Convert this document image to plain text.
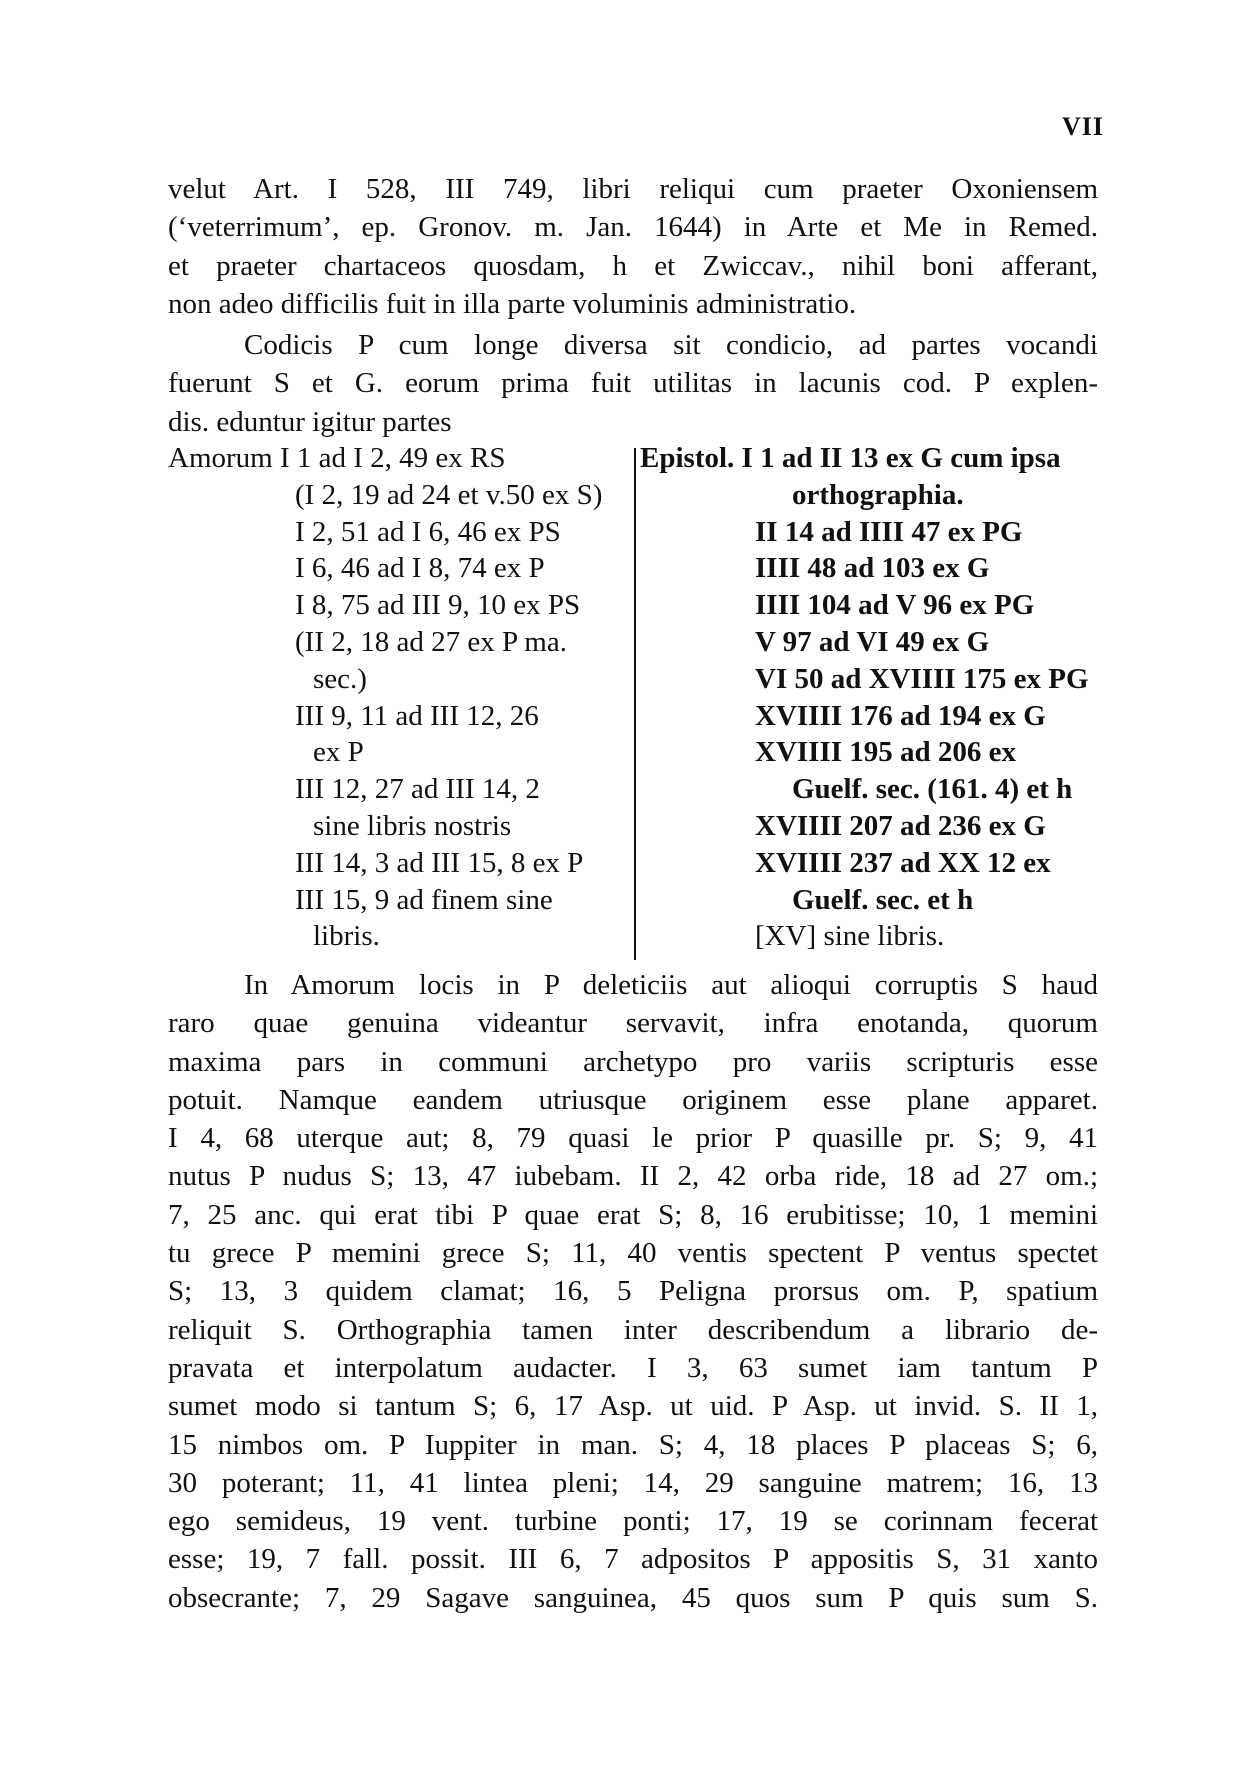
VII
velut Art. I 528, III 749, libri reliqui cum praeter Oxoniensem
(‘veterrimum’, ep. Gronov. m. Jan. 1644) in Arte et Me in Remed.
et praeter chartaceos quosdam, h et Zwiccav., nihil boni afferant,
non adeo difficilis fuit in illa parte voluminis administratio.
Codicis P cum longe diversa sit condicio, ad partes vocandi
fuerunt S et G. eorum prima fuit utilitas in lacunis cod. P explen-
dis. eduntur igitur partes
Amorum I 1 ad I 2, 49 ex RS
(I 2, 19 ad 24 et v.50 ex S)
I 2, 51 ad I 6, 46 ex PS
I 6, 46 ad I 8, 74 ex P
I 8, 75 ad III 9, 10 ex PS
(II 2, 18 ad 27 ex P ma.
sec.)
III 9, 11 ad III 12, 26
ex P
III 12, 27 ad III 14, 2
sine libris nostris
III 14, 3 ad III 15, 8 ex P
III 15, 9 ad finem sine
libris.
Epistol. I 1 ad II 13 ex G cum ipsa
orthographia.
II 14 ad IIII 47 ex PG
IIII 48 ad 103 ex G
IIII 104 ad V 96 ex PG
V 97 ad VI 49 ex G
VI 50 ad XVIIII 175 ex PG
XVIIII 176 ad 194 ex G
XVIIII 195 ad 206 ex
Guelf. sec. (161. 4) et h
XVIIII 207 ad 236 ex G
XVIIII 237 ad XX 12 ex
Guelf. sec. et h
[XV] sine libris.
In Amorum locis in P deleticiis aut alioqui corruptis S haud
raro quae genuina videantur servavit, infra enotanda, quorum
maxima pars in communi archetypo pro variis scripturis esse
potuit. Namque eandem utriusque originem esse plane apparet.
I 4, 68 uterque aut; 8, 79 quasi le prior P quasille pr. S; 9, 41
nutus P nudus S; 13, 47 iubebam. II 2, 42 orba ride, 18 ad 27 om.;
7, 25 anc. qui erat tibi P quae erat S; 8, 16 erubitisse; 10, 1 memini
tu grece P memini grece S; 11, 40 ventis spectent P ventus spectet
S; 13, 3 quidem clamat; 16, 5 Peligna prorsus om. P, spatium
reliquit S. Orthographia tamen inter describendum a librario de-
pravata et interpolatum audacter. I 3, 63 sumet iam tantum P
sumet modo si tantum S; 6, 17 Asp. ut uid. P Asp. ut invid. S. II 1,
15 nimbos om. P Iuppiter in man. S; 4, 18 places P placeas S; 6,
30 poterant; 11, 41 lintea pleni; 14, 29 sanguine matrem; 16, 13
ego semideus, 19 vent. turbine ponti; 17, 19 se corinnam fecerat
esse; 19, 7 fall. possit. III 6, 7 adpositos P appositis S, 31 xanto
obsecrante; 7, 29 Sagave sanguinea, 45 quos sum P quis sum S.
